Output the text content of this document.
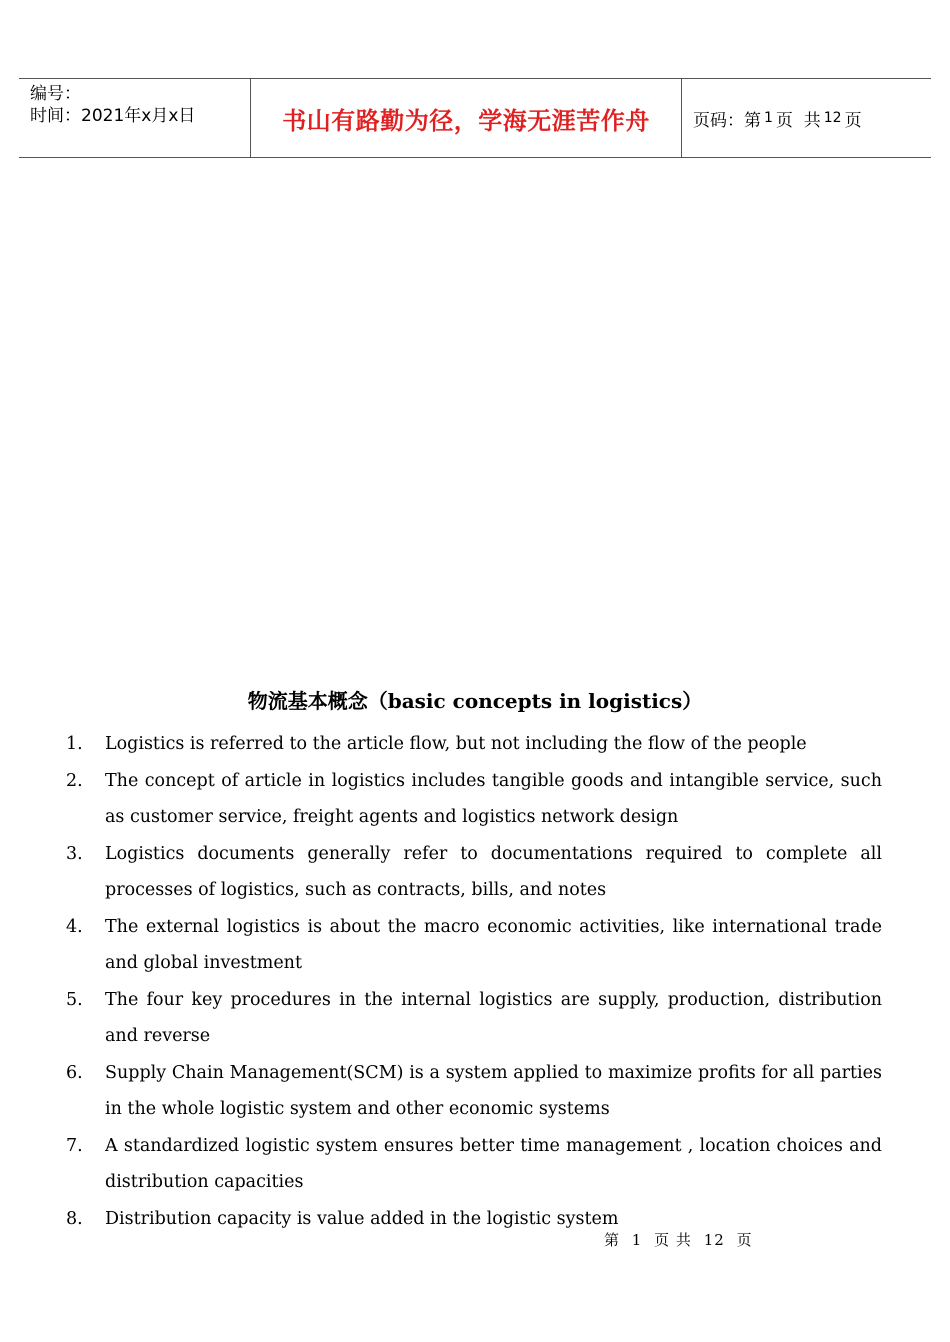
编号：
时间：2021年x月x日	书山有路勤为径，学海无涯苦作舟	页码：第 1 页  共 12 页
物流基本概念（basic concepts in logistics）
1.	Logistics is referred to the article flow, but not including the flow of the people
2.	The concept of article in logistics includes tangible goods and intangible service, such as customer service, freight agents and logistics network design
3.	Logistics documents generally refer to documentations required to complete all processes of logistics, such as contracts, bills, and notes
4.	The external logistics is about the macro economic activities, like international trade and global investment
5.	The four key procedures in the internal logistics are supply, production, distribution and reverse
6.	Supply Chain Management(SCM) is a system applied to maximize profits for all parties in the whole logistic system and other economic systems
7.	A standardized logistic system ensures better time management , location choices and distribution capacities
8.	Distribution capacity is value added in the logistic system
第 1 页 共 12 页
